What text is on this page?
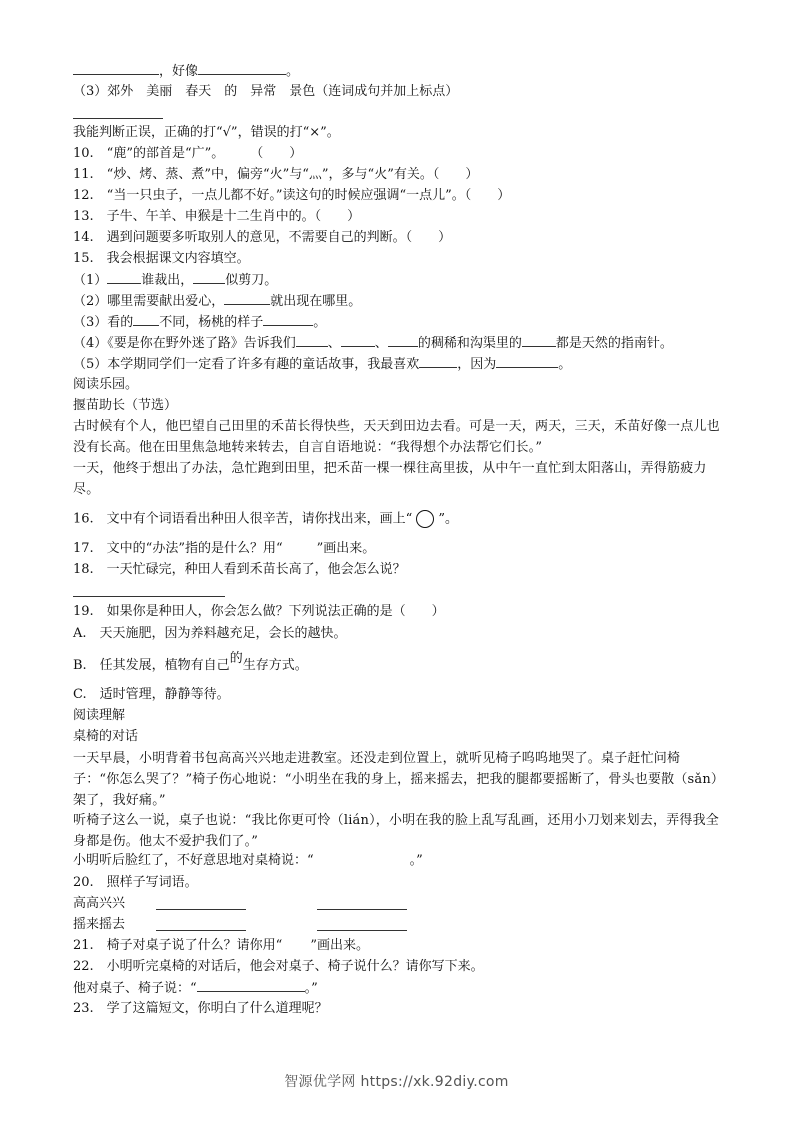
，好像	。
（3）郊外　美丽　春天　的　异常　景色（连词成句并加上标点）
我能判断正误，正确的打“√”，错误的打“×”。
10.　“鹿”的部首是“广”。　　　（　　）
11.　“炒、烤、蒸、煮”中，偏旁“火”与“灬”，多与“火”有关。（　　）
12.　“当一只虫子，一点儿都不好。”读这句的时候应强调“一点儿”。（　　）
13.　子牛、午羊、申猴是十二生肖中的。（　　）
14.　遇到问题要多听取别人的意见，不需要自己的判断。（　　）
15.　我会根据课文内容填空。
（1）	谁裁出， 似剪刀。
（2）哪里需要献出爱心，	就出现在哪里。
（3）看的 不同，杨桃的样子	。
（4）《要是你在野外迷了路》告诉我们 、	、 的稠稀和沟渠里的	都是天然的指南针。
（5）本学期同学们一定看了许多有趣的童话故事，我最喜欢	，因为	。
阅读乐园。
揠苗助长（节选）
古时候有个人，他巴望自己田里的禾苗长得快些，天天到田边去看。可是一天，两天，三天，禾苗好像一点儿也没有长高。他在田里焦急地转来转去，自言自语地说：“我得想个办法帮它们长。”
一天，他终于想出了办法，急忙跑到田里，把禾苗一棵一棵往高里拔，从中午一直忙到太阳落山，弄得筋疲力尽。
16.　文中有个词语看出种田人很辛苦，请你找出来，画上“ ”。
17.　文中的“办法”指的是什么？用“	”画出来。
18.　一天忙碌完，种田人看到禾苗长高了，他会怎么说？
19.　如果你是种田人，你会怎么做？下列说法正确的是（　　）
A.　天天施肥，因为养料越充足，会长的越快。
B.　任其发展，植物有自己的生存方式。
C.　适时管理，静静等待。
阅读理解
桌椅的对话
一天早晨，小明背着书包高高兴兴地走进教室。还没走到位置上，就听见椅子呜呜地哭了。桌子赶忙问椅子：“你怎么哭了？”椅子伤心地说：“小明坐在我的身上，摇来摇去，把我的腿都要摇断了，骨头也要散（sǎn）架了，我好痛。”
听椅子这么一说，桌子也说：“我比你更可怜（lián），小明在我的脸上乱写乱画，还用小刀划来划去，弄得我全身都是伤。他太不爱护我们了。”
小明听后脸红了，不好意思地对桌椅说：“	。”
20.　照样子写词语。
高高兴兴
摇来摇去
21.　椅子对桌子说了什么？请你用“ ”画出来。
22.　小明听完桌椅的对话后，他会对桌子、椅子说什么？请你写下来。
他对桌子、椅子说：“	。”
23.　学了这篇短文，你明白了什么道理呢？
智源优学网 https://xk.92diy.com
